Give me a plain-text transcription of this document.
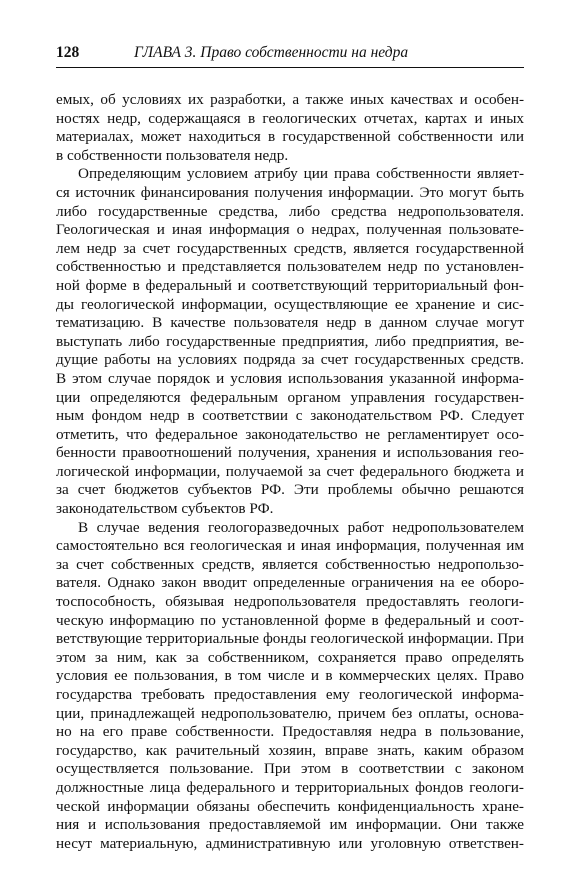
128	ГЛАВА 3. Право собственности на недра
емых, об условиях их разработки, а также иных качествах и особен-
ностях недр, содержащаяся в геологических отчетах, картах и иных
материалах, может находиться в государственной собственности или
в собственности пользователя недр.
Определяющим условием атрибу ции права собственности являет-
ся источник финансирования получения информации. Это могут быть
либо государственные средства, либо средства недропользователя.
Геологическая и иная информация о недрах, полученная пользовате-
лем недр за счет государственных средств, является государственной
собственностью и представляется пользователем недр по установлен-
ной форме в федеральный и соответствующий территориальный фон-
ды геологической информации, осуществляющие ее хранение и сис-
тематизацию. В качестве пользователя недр в данном случае могут
выступать либо государственные предприятия, либо предприятия, ве-
дущие работы на условиях подряда за счет государственных средств.
В этом случае порядок и условия использования указанной информа-
ции определяются федеральным органом управления государствен-
ным фондом недр в соответствии с законодательством РФ. Следует
отметить, что федеральное законодательство не регламентирует осо-
бенности правоотношений получения, хранения и использования гео-
логической информации, получаемой за счет федерального бюджета и
за счет бюджетов субъектов РФ. Эти проблемы обычно решаются
законодательством субъектов РФ.
В случае ведения геологоразведочных работ недропользователем
самостоятельно вся геологическая и иная информация, полученная им
за счет собственных средств, является собственностью недропользо-
вателя. Однако закон вводит определенные ограничения на ее оборо-
тоспособность, обязывая недропользователя предоставлять геологи-
ческую информацию по установленной форме в федеральный и соот-
ветствующие территориальные фонды геологической информации. При
этом за ним, как за собственником, сохраняется право определять
условия ее пользования, в том числе и в коммерческих целях. Право
государства требовать предоставления ему геологической информа-
ции, принадлежащей недропользователю, причем без оплаты, основа-
но на его праве собственности. Предоставляя недра в пользование,
государство, как рачительный хозяин, вправе знать, каким образом
осуществляется пользование. При этом в соответствии с законом
должностные лица федерального и территориальных фондов геологи-
ческой информации обязаны обеспечить конфиденциальность хране-
ния и использования предоставляемой им информации. Они также
несут материальную, административную или уголовную ответствен-
